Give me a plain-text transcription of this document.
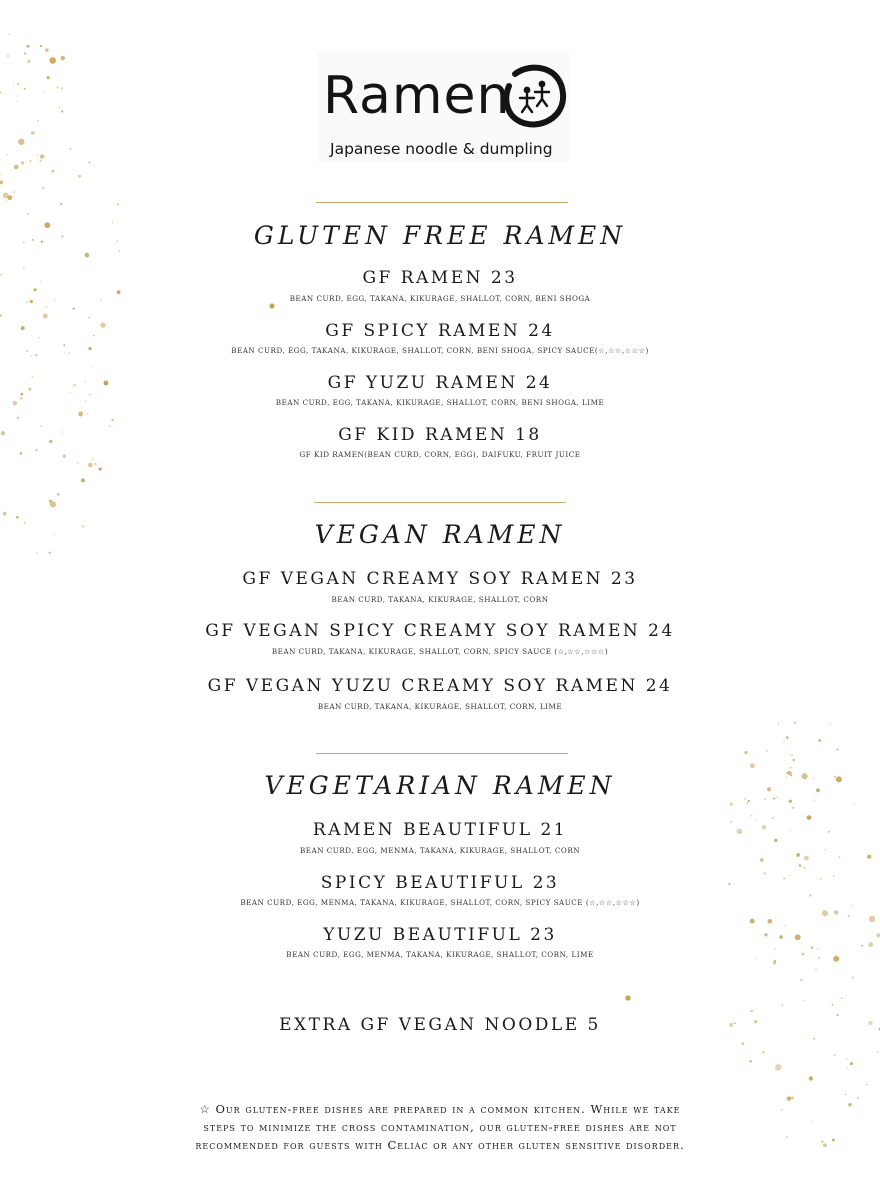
Ramen
Japanese noodle & dumpling
GLUTEN FREE RAMEN
GF RAMEN 23
BEAN CURD, EGG, TAKANA, KIKURAGE, SHALLOT, CORN, BENI SHOGA
GF SPICY RAMEN 24
BEAN CURD, EGG, TAKANA, KIKURAGE, SHALLOT, CORN, BENI SHOGA, SPICY SAUCE(☆,☆☆,☆☆☆)
GF YUZU RAMEN 24
BEAN CURD, EGG, TAKANA, KIKURAGE, SHALLOT, CORN, BENI SHOGA, LIME
GF KID RAMEN 18
GF KID RAMEN(BEAN CURD, CORN, EGG), DAIFUKU, FRUIT JUICE
VEGAN RAMEN
GF VEGAN CREAMY SOY RAMEN 23
BEAN CURD, TAKANA, KIKURAGE, SHALLOT, CORN
GF VEGAN SPICY CREAMY SOY RAMEN 24
BEAN CURD, TAKANA, KIKURAGE, SHALLOT, CORN, SPICY SAUCE (☆,☆☆,☆☆☆)
GF VEGAN YUZU CREAMY SOY RAMEN 24
BEAN CURD, TAKANA, KIKURAGE, SHALLOT, CORN, LIME
VEGETARIAN RAMEN
RAMEN BEAUTIFUL 21
BEAN CURD, EGG, MENMA, TAKANA, KIKURAGE, SHALLOT, CORN
SPICY BEAUTIFUL 23
BEAN CURD, EGG, MENMA, TAKANA, KIKURAGE, SHALLOT, CORN, SPICY SAUCE (☆,☆☆,☆☆☆)
YUZU BEAUTIFUL 23
BEAN CURD, EGG, MENMA, TAKANA, KIKURAGE, SHALLOT, CORN, LIME
EXTRA GF VEGAN NOODLE 5
☆ Our gluten-free dishes are prepared in a common kitchen. While we take
steps to minimize the cross contamination, our gluten-free dishes are not
recommended for guests with Celiac or any other gluten sensitive disorder.
